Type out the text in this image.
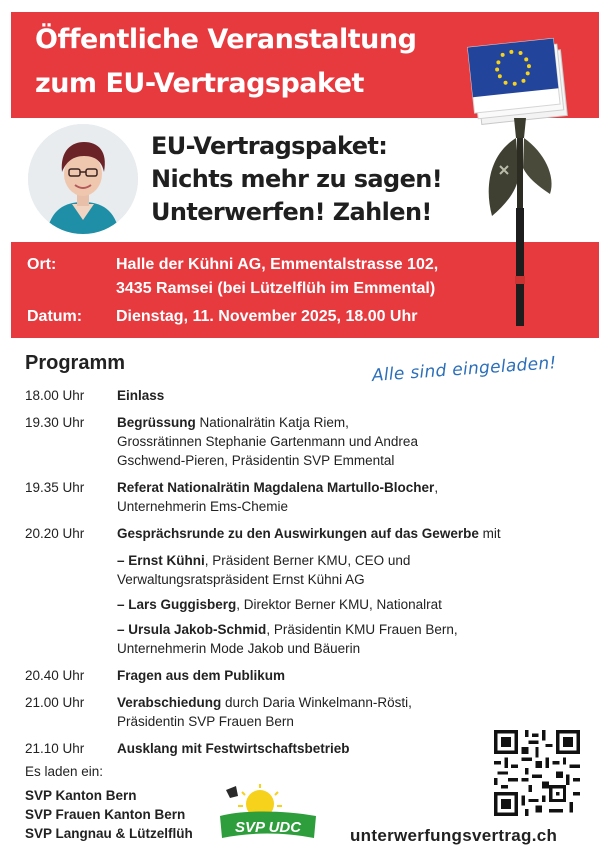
Öffentliche Veranstaltung
zum EU-Vertragspaket
EU-Vertragspaket:
Nichts mehr zu sagen!
Unterwerfen! Zahlen!
Ort:	Halle der Kühni AG, Emmentalstrasse 102,
3435 Ramsei (bei Lützelflüh im Emmental)
Datum: Dienstag, 11. November 2025, 18.00 Uhr
Programm	Alle sind eingeladen!
18.00 Uhr	Einlass
19.30 Uhr	Begrüssung Nationalrätin Katja Riem,
Grossrätinnen Stephanie Gartenmann und Andrea
Gschwend-Pieren, Präsidentin SVP Emmental
19.35 Uhr	Referat Nationalrätin Magdalena Martullo-Blocher,
Unternehmerin Ems-Chemie
20.20 Uhr	Gesprächsrunde zu den Auswirkungen auf das Gewerbe mit
– Ernst Kühni, Präsident Berner KMU, CEO und
Verwaltungsratspräsident Ernst Kühni AG
– Lars Guggisberg, Direktor Berner KMU, Nationalrat
– Ursula Jakob-Schmid, Präsidentin KMU Frauen Bern,
Unternehmerin Mode Jakob und Bäuerin
20.40 Uhr	Fragen aus dem Publikum
21.00 Uhr	Verabschiedung durch Daria Winkelmann-Rösti,
Präsidentin SVP Frauen Bern
21.10 Uhr	Ausklang mit Festwirtschaftsbetrieb
Es laden ein:
SVP Kanton Bern
SVP Frauen Kanton Bern
SVP Langnau & Lützelflüh	SVP UDC	unterwerfungsvertrag.ch
